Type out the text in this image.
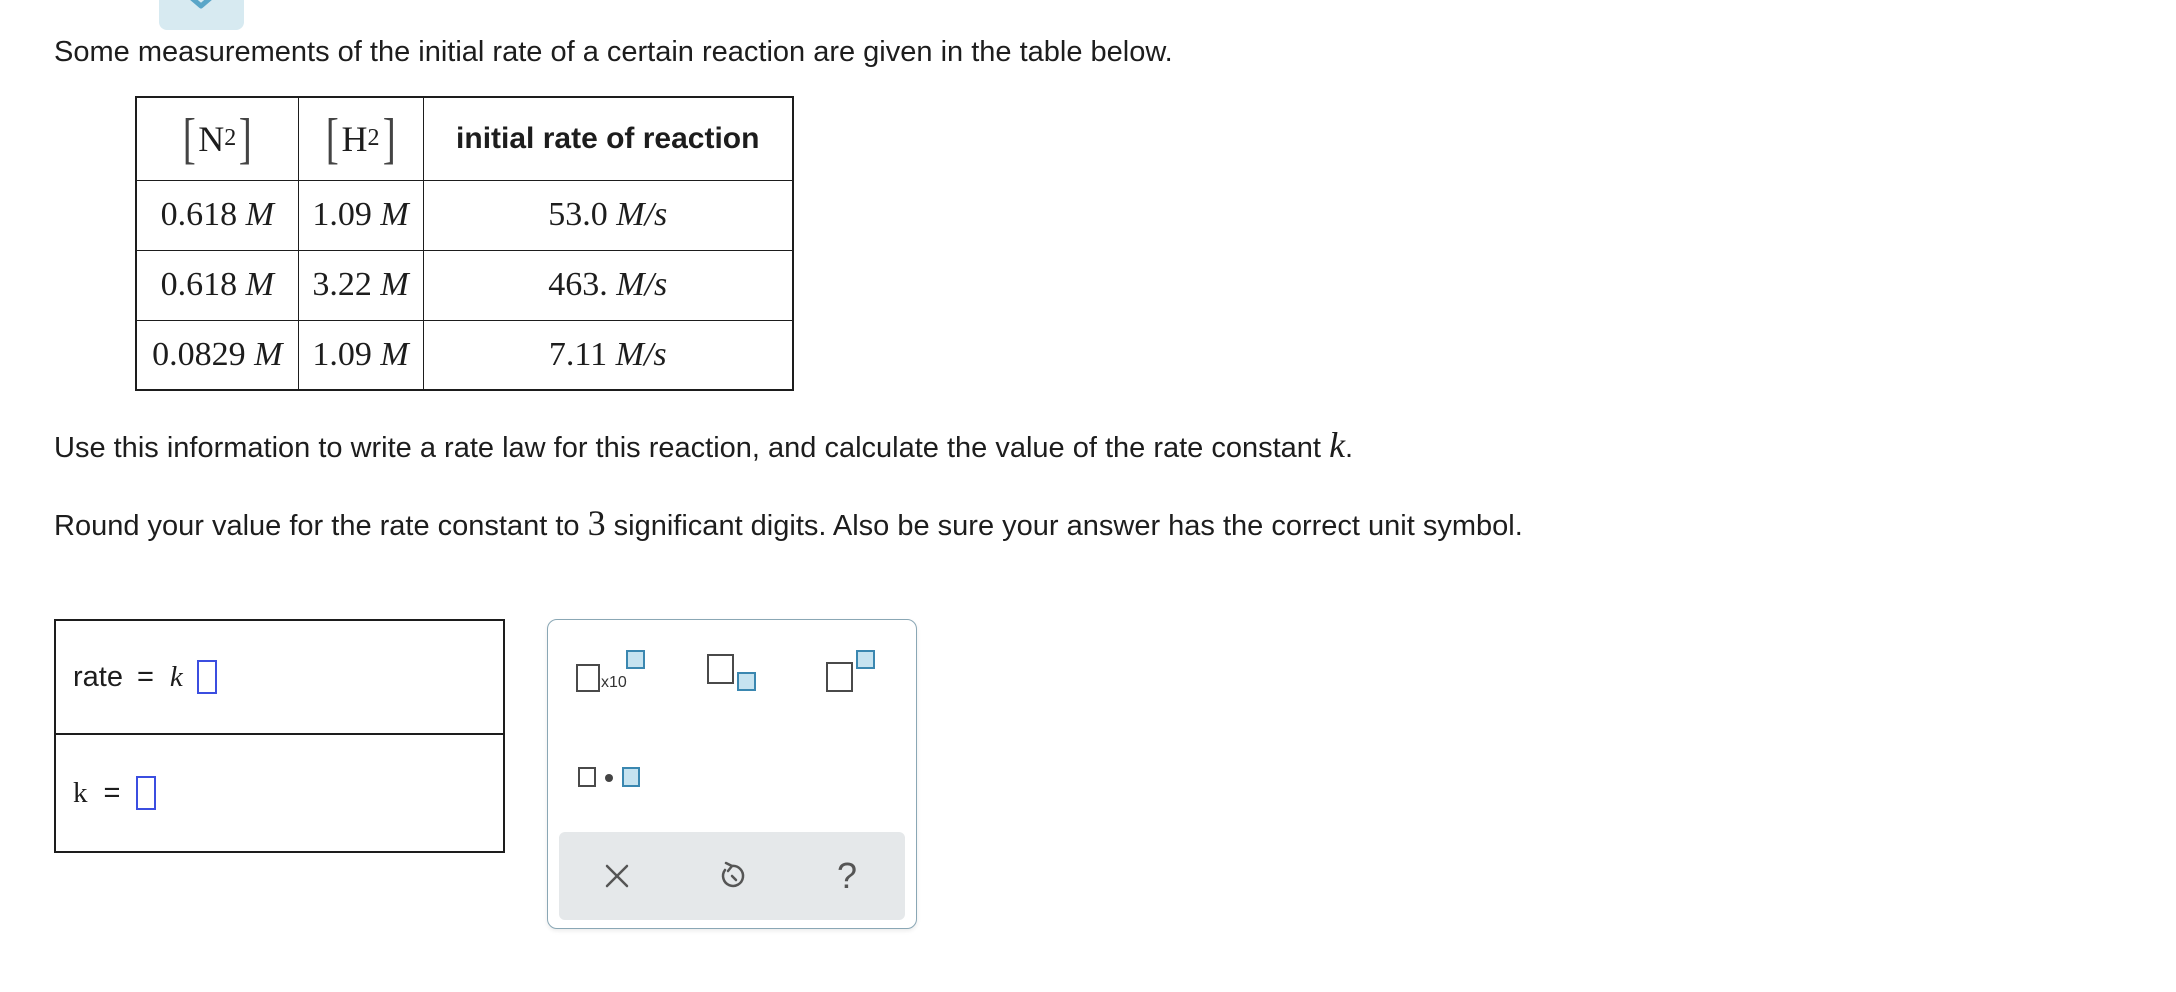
Some measurements of the initial rate of a certain reaction are given in the table below.
[ N 2 ]	[ H 2 ]	initial rate of reaction
0.618 M	1.09 M	53.0 M/s
0.618 M	3.22 M	463. M/s
0.0829 M	1.09 M	7.11 M/s
Use this information to write a rate law for this reaction, and calculate the value of the rate constant k.
Round your value for the rate constant to 3 significant digits. Also be sure your answer has the correct unit symbol.
rate = k
k =
x10
?
